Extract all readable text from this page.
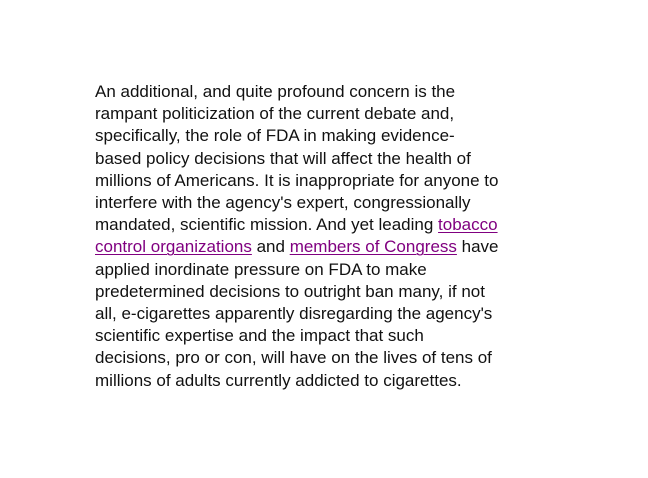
An additional, and quite profound concern is the
rampant politicization of the current debate and,
specifically, the role of FDA in making evidence-
based policy decisions that will affect the health of
millions of Americans. It is inappropriate for anyone to
interfere with the agency's expert, congressionally
mandated, scientific mission. And yet leading tobacco
control organizations and members of Congress have
applied inordinate pressure on FDA to make
predetermined decisions to outright ban many, if not
all, e-cigarettes apparently disregarding the agency's
scientific expertise and the impact that such
decisions, pro or con, will have on the lives of tens of
millions of adults currently addicted to cigarettes.
